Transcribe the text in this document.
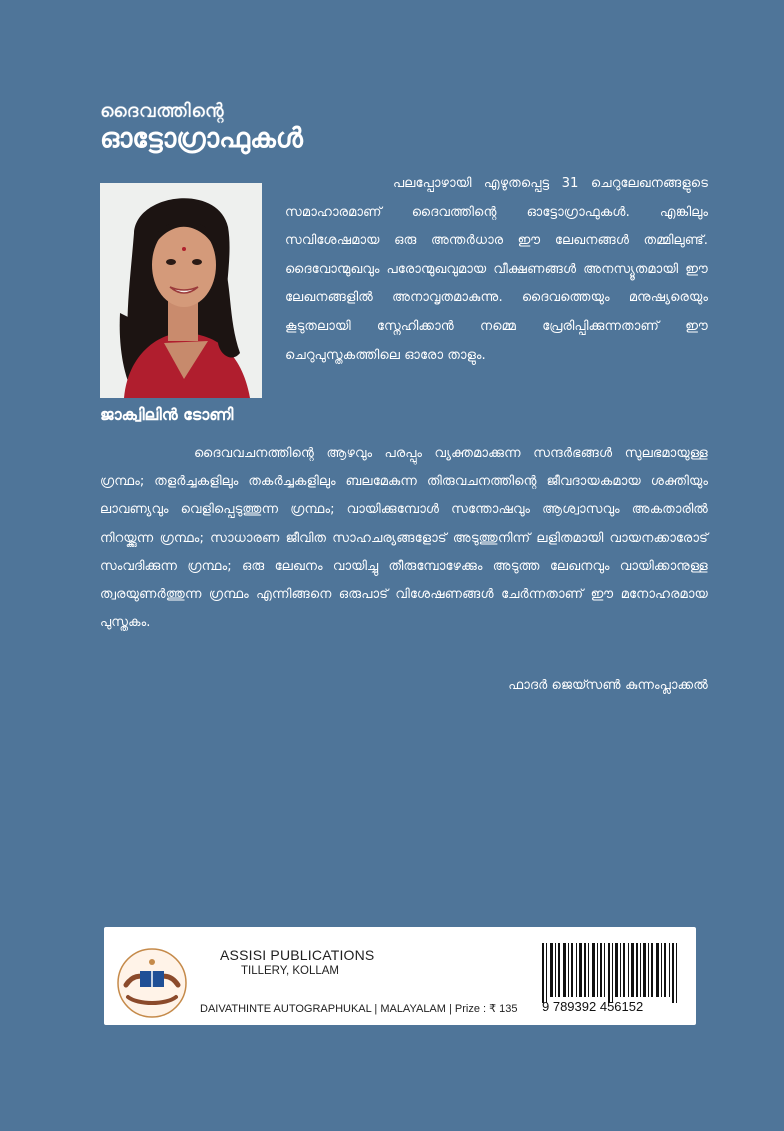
ദൈവത്തിന്റെ
ഓട്ടോഗ്രാഫുകൾ
ജാക്വിലിൻ ടോണി

പലപ്പോഴായി എഴുതപ്പെട്ട 31 ചെറുലേഖനങ്ങളുടെ സമാഹാരമാണ് ദൈവത്തിന്റെ ഓട്ടോഗ്രാഫുകൾ. എങ്കിലും സവിശേഷമായ ഒരു അന്തർധാര ഈ ലേഖനങ്ങൾ തമ്മിലുണ്ട്. ദൈവോന്മുഖവും പരോന്മുഖവുമായ വീക്ഷണങ്ങൾ അനസ്യൂതമായി ഈ ലേഖനങ്ങളിൽ അനാവൃതമാകുന്നു. ദൈവത്തെയും മനുഷ്യരെയും കൂടുതലായി സ്നേഹിക്കാൻ നമ്മെ പ്രേരിപ്പിക്കുന്നതാണ് ഈ ചെറുപുസ്തകത്തിലെ ഓരോ താളും.

ദൈവവചനത്തിന്റെ ആഴവും പരപ്പും വ്യക്തമാക്കുന്ന സന്ദർഭങ്ങൾ സുലഭമായുള്ള ഗ്രന്ഥം; തളർച്ചകളിലും തകർച്ചകളിലും ബലമേകുന്ന തിരുവചനത്തിന്റെ ജീവദായകമായ ശക്തിയും ലാവണ്യവും വെളിപ്പെടുത്തുന്ന ഗ്രന്ഥം; വായിക്കുമ്പോൾ സന്തോഷവും ആശ്വാസവും അകതാരിൽ നിറയ്ക്കുന്ന ഗ്രന്ഥം; സാധാരണ ജീവിത സാഹചര്യങ്ങളോട് അടുത്തുനിന്ന് ലളിതമായി വായനക്കാരോട് സംവദിക്കുന്ന ഗ്രന്ഥം; ഒരു ലേഖനം വായിച്ചു തീരുമ്പോഴേക്കും അടുത്ത ലേഖനവും വായിക്കാനുള്ള ത്വരയുണർത്തുന്ന ഗ്രന്ഥം എന്നിങ്ങനെ ഒരുപാട് വിശേഷണങ്ങൾ ചേർന്നതാണ് ഈ മനോഹരമായ പുസ്തകം.

ഫാദർ ജെയ്സൺ കുന്നംപ്ലാക്കൽ
ASSISI PUBLICATIONS
TILLERY, KOLLAM
DAIVATHINTE AUTOGRAPHUKAL | MALAYALAM | Prize : ₹ 135 9 789392 456152
